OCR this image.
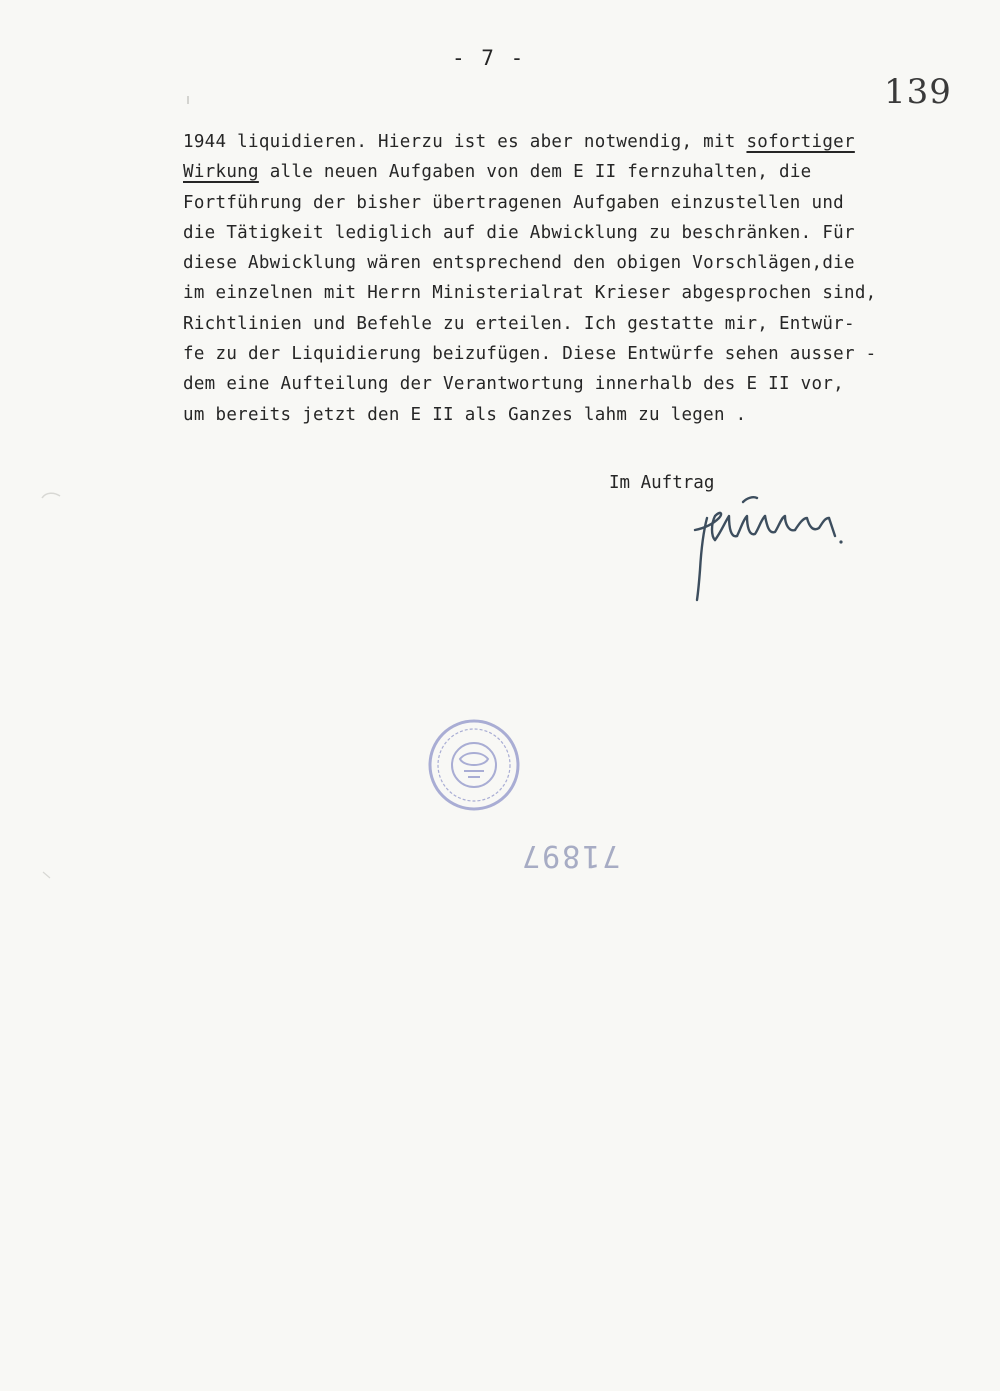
- 7 -
139
1944 liquidieren. Hierzu ist es aber notwendig, mit sofortiger
Wirkung alle neuen Aufgaben von dem E II fernzuhalten, die
Fortführung der bisher übertragenen Aufgaben einzustellen und
die Tätigkeit lediglich auf die Abwicklung zu beschränken. Für
diese Abwicklung wären entsprechend den obigen Vorschlägen,die
im einzelnen mit Herrn Ministerialrat Krieser abgesprochen sind,
Richtlinien und Befehle zu erteilen. Ich gestatte mir, Entwür-
fe zu der Liquidierung beizufügen. Diese Entwürfe sehen ausser -
dem eine Aufteilung der Verantwortung innerhalb des E II vor,
um bereits jetzt den E II als Ganzes lahm zu legen .
Im Auftrag
71897
